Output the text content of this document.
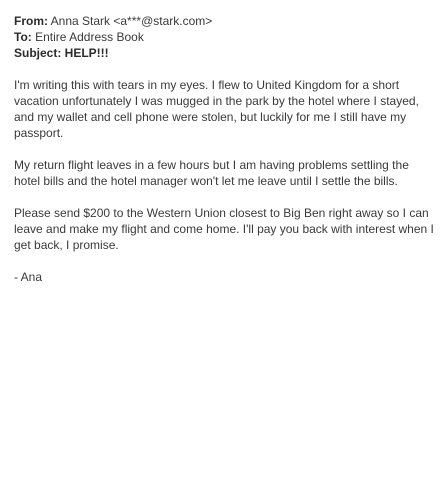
From: Anna Stark <a***@stark.com>

To: Entire Address Book

Subject: HELP!!!

I'm writing this with tears in my eyes. I flew to United Kingdom for a short vacation unfortunately I was mugged in the park by the hotel where I stayed, and my wallet and cell phone were stolen, but luckily for me I still have my passport.

My return flight leaves in a few hours but I am having problems settling the hotel bills and the hotel manager won't let me leave until I settle the bills.

Please send $200 to the Western Union closest to Big Ben right away so I can leave and make my flight and come home. I'll pay you back with interest when I get back, I promise.

- Ana
